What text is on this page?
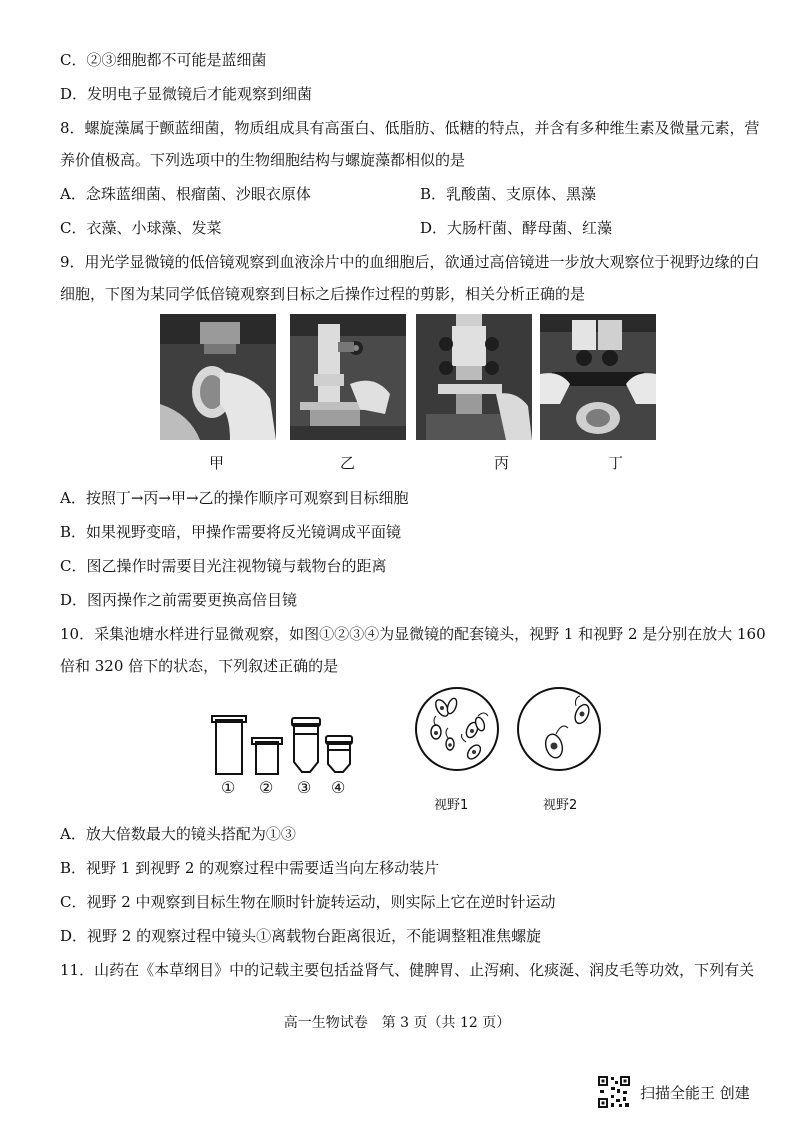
C．②③细胞都不可能是蓝细菌
D．发明电子显微镜后才能观察到细菌
8．螺旋藻属于颤蓝细菌，物质组成具有高蛋白、低脂肪、低糖的特点，并含有多种维生素及微量元素，营
养价值极高。下列选项中的生物细胞结构与螺旋藻都相似的是
A．念珠蓝细菌、根瘤菌、沙眼衣原体	B．乳酸菌、支原体、黑藻
C．衣藻、小球藻、发菜	D．大肠杆菌、酵母菌、红藻
9．用光学显微镜的低倍镜观察到血液涂片中的血细胞后，欲通过高倍镜进一步放大观察位于视野边缘的白
细胞，下图为某同学低倍镜观察到目标之后操作过程的剪影，相关分析正确的是
甲	乙	丙	丁
A．按照丁→丙→甲→乙的操作顺序可观察到目标细胞
B．如果视野变暗，甲操作需要将反光镜调成平面镜
C．图乙操作时需要目光注视物镜与载物台的距离
D．图丙操作之前需要更换高倍目镜
10．采集池塘水样进行显微观察，如图①②③④为显微镜的配套镜头，视野 1 和视野 2 是分别在放大 160
倍和 320 倍下的状态，下列叙述正确的是
① ② ③ ④
视野1	视野2
A．放大倍数最大的镜头搭配为①③
B．视野 1 到视野 2 的观察过程中需要适当向左移动装片
C．视野 2 中观察到目标生物在顺时针旋转运动，则实际上它在逆时针运动
D．视野 2 的观察过程中镜头①离载物台距离很近，不能调整粗准焦螺旋
11．山药在《本草纲目》中的记载主要包括益肾气、健脾胃、止泻痢、化痰涎、润皮毛等功效，下列有关
高一生物试卷　第 3 页（共 12 页）
扫描全能王 创建
